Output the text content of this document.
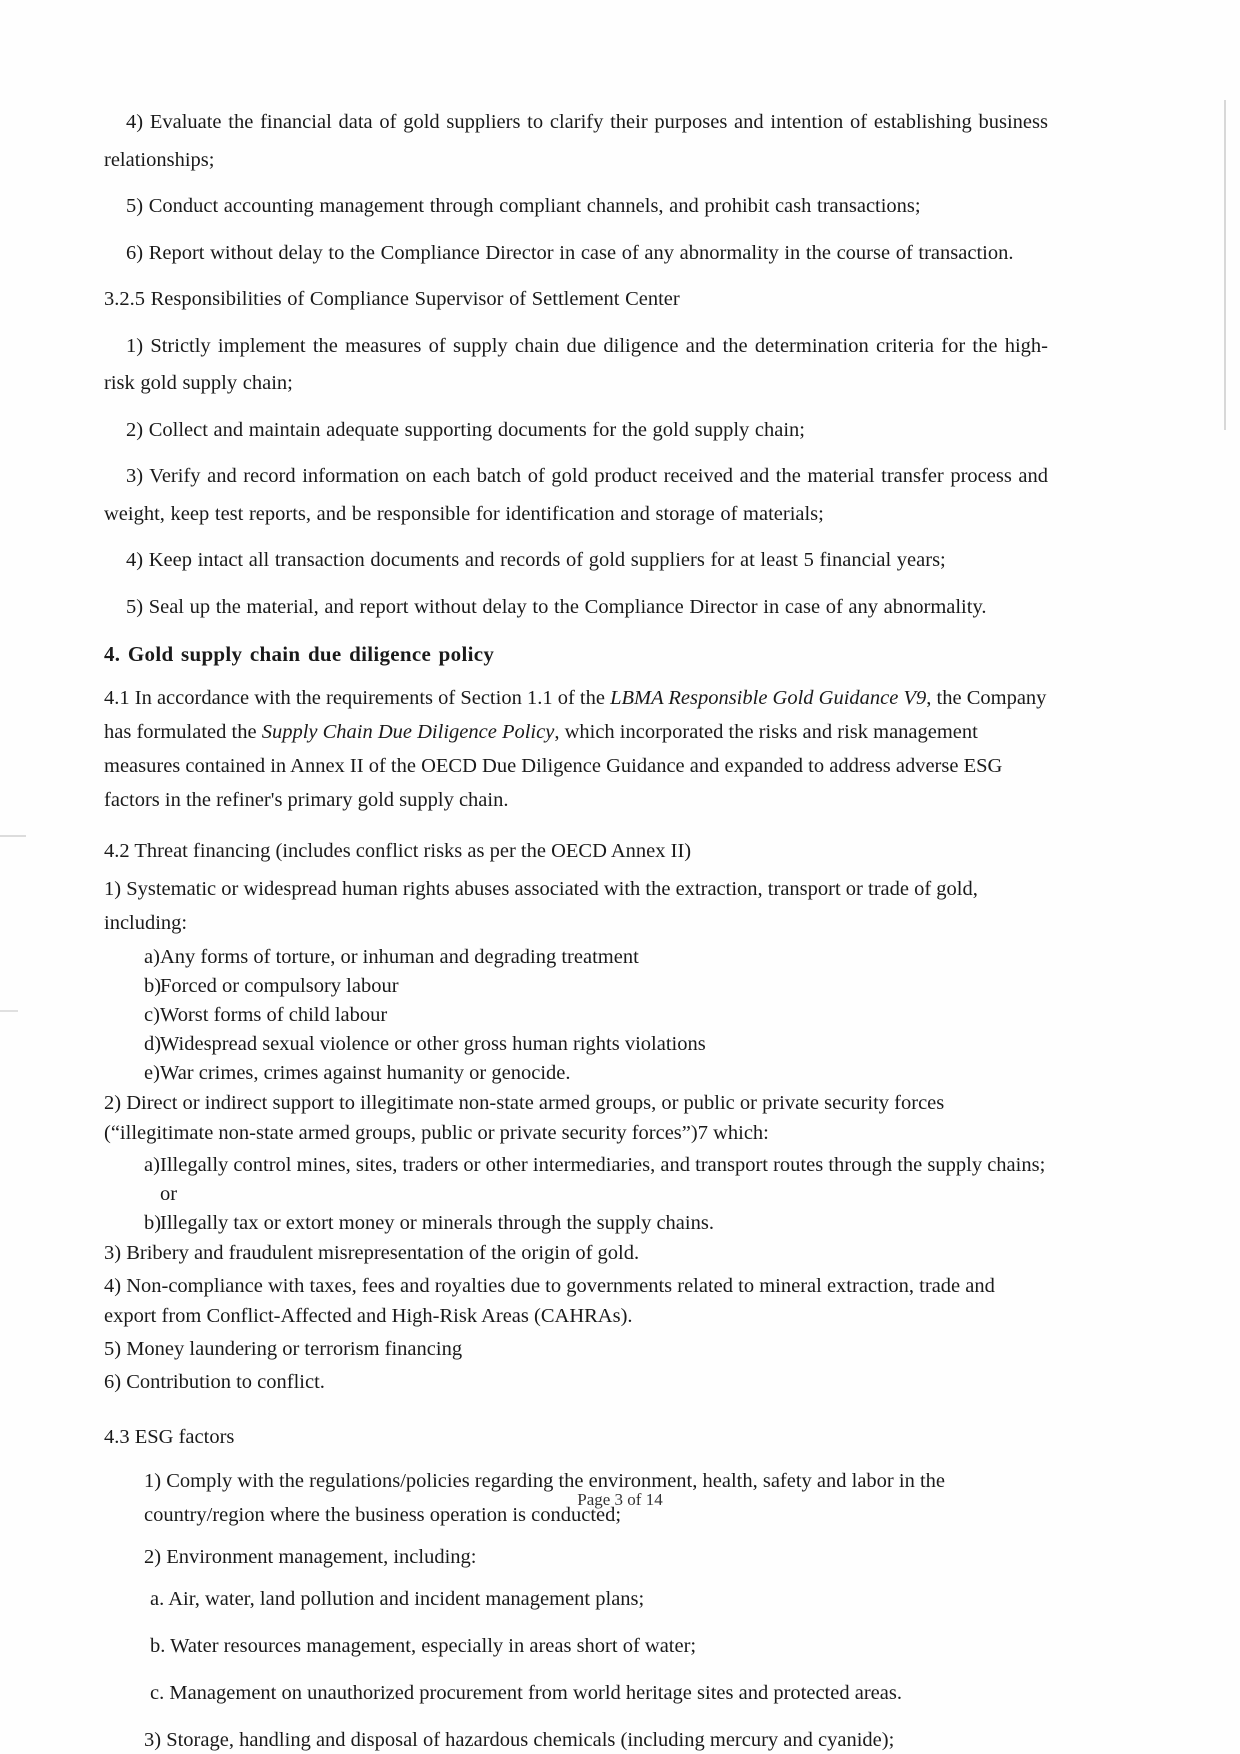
4) Evaluate the financial data of gold suppliers to clarify their purposes and intention of establishing business relationships;

5) Conduct accounting management through compliant channels, and prohibit cash transactions;

6) Report without delay to the Compliance Director in case of any abnormality in the course of transaction.

3.2.5 Responsibilities of Compliance Supervisor of Settlement Center

1) Strictly implement the measures of supply chain due diligence and the determination criteria for the high-risk gold supply chain;

2) Collect and maintain adequate supporting documents for the gold supply chain;

3) Verify and record information on each batch of gold product received and the material transfer process and weight, keep test reports, and be responsible for identification and storage of materials;

4) Keep intact all transaction documents and records of gold suppliers for at least 5 financial years;

5) Seal up the material, and report without delay to the Compliance Director in case of any abnormality.

4. Gold supply chain due diligence policy

4.1 In accordance with the requirements of Section 1.1 of the LBMA Responsible Gold Guidance V9, the Company has formulated the Supply Chain Due Diligence Policy, which incorporated the risks and risk management measures contained in Annex II of the OECD Due Diligence Guidance and expanded to address adverse ESG factors in the refiner's primary gold supply chain.

4.2 Threat financing (includes conflict risks as per the OECD Annex II)

1) Systematic or widespread human rights abuses associated with the extraction, transport or trade of gold, including:

a) Any forms of torture, or inhuman and degrading treatment
b)
Forced or compulsory labour
c) Worst forms of child labour
d)
Widespread sexual violence or other gross human rights violations
e) War crimes, crimes against humanity or genocide.

2) Direct or indirect support to illegitimate non-state armed groups, or public or private security forces (“illegitimate non-state armed groups, public or private security forces”)7 which:

a) Illegally control mines, sites, traders or other intermediaries, and transport routes through the supply chains;
or
b)
Illegally tax or extort money or minerals through the supply chains.

3) Bribery and fraudulent misrepresentation of the origin of gold.

4) Non-compliance with taxes, fees and royalties due to governments related to mineral extraction, trade and export from Conflict-Affected and High-Risk Areas (CAHRAs).

5) Money laundering or terrorism financing

6) Contribution to conflict.

4.3 ESG factors

1) Comply with the regulations/policies regarding the environment, health, safety and labor in the country/region where the business operation is conducted;
2) Environment management, including:
a. Air, water, land pollution and incident management plans;
b. Water resources management, especially in areas short of water;
c. Management on unauthorized procurement from world heritage sites and protected areas.
3) Storage, handling and disposal of hazardous chemicals (including mercury and cyanide);
Page 3 of 14
